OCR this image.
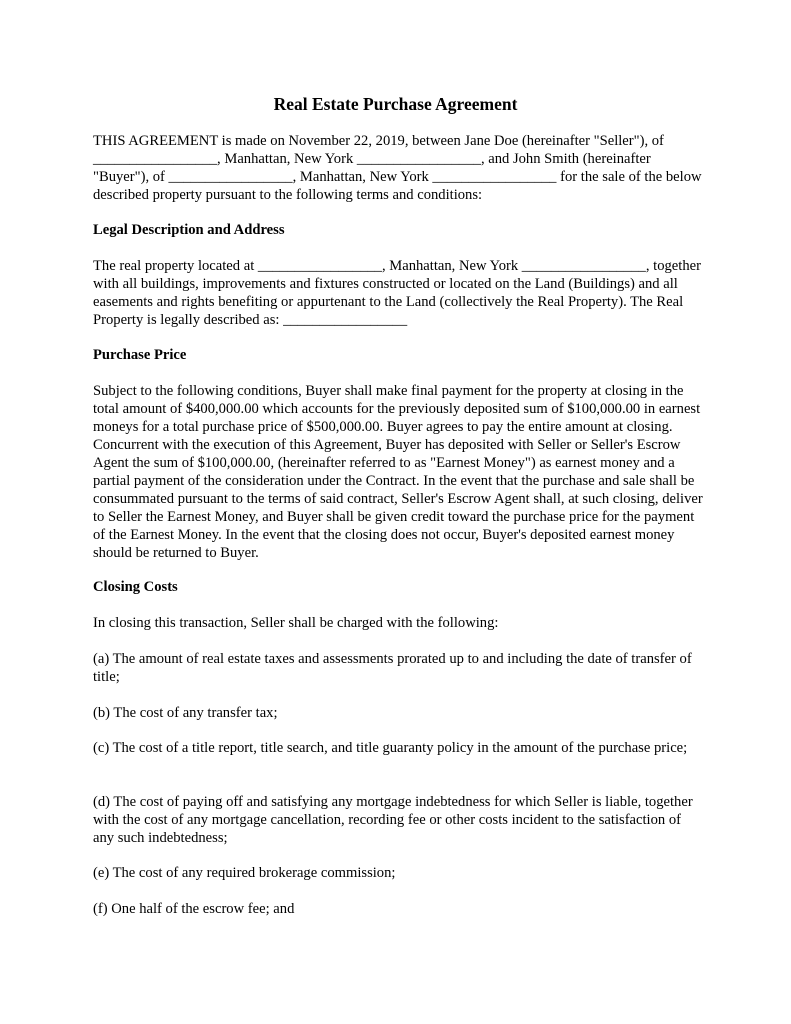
Real Estate Purchase Agreement

THIS AGREEMENT is made on November 22, 2019, between Jane Doe (hereinafter "Seller"), of _________________, Manhattan, New York _________________, and John Smith (hereinafter "Buyer"), of _________________, Manhattan, New York _________________ for the sale of the below described property pursuant to the following terms and conditions:

Legal Description and Address

The real property located at _________________, Manhattan, New York _________________, together with all buildings, improvements and fixtures constructed or located on the Land (Buildings) and all easements and rights benefiting or appurtenant to the Land (collectively the Real Property). The Real Property is legally described as: _________________

Purchase Price

Subject to the following conditions, Buyer shall make final payment for the property at closing in the total amount of $400,000.00 which accounts for the previously deposited sum of $100,000.00 in earnest moneys for a total purchase price of $500,000.00. Buyer agrees to pay the entire amount at closing. Concurrent with the execution of this Agreement, Buyer has deposited with Seller or Seller's Escrow Agent the sum of $100,000.00, (hereinafter referred to as "Earnest Money") as earnest money and a partial payment of the consideration under the Contract. In the event that the purchase and sale shall be consummated pursuant to the terms of said contract, Seller's Escrow Agent shall, at such closing, deliver to Seller the Earnest Money, and Buyer shall be given credit toward the purchase price for the payment of the Earnest Money. In the event that the closing does not occur, Buyer's deposited earnest money should be returned to Buyer.

Closing Costs

In closing this transaction, Seller shall be charged with the following:

(a) The amount of real estate taxes and assessments prorated up to and including the date of transfer of title;

(b) The cost of any transfer tax;

(c) The cost of a title report, title search, and title guaranty policy in the amount of the purchase price;

(d) The cost of paying off and satisfying any mortgage indebtedness for which Seller is liable, together with the cost of any mortgage cancellation, recording fee or other costs incident to the satisfaction of any such indebtedness;

(e) The cost of any required brokerage commission;

(f) One half of the escrow fee; and
